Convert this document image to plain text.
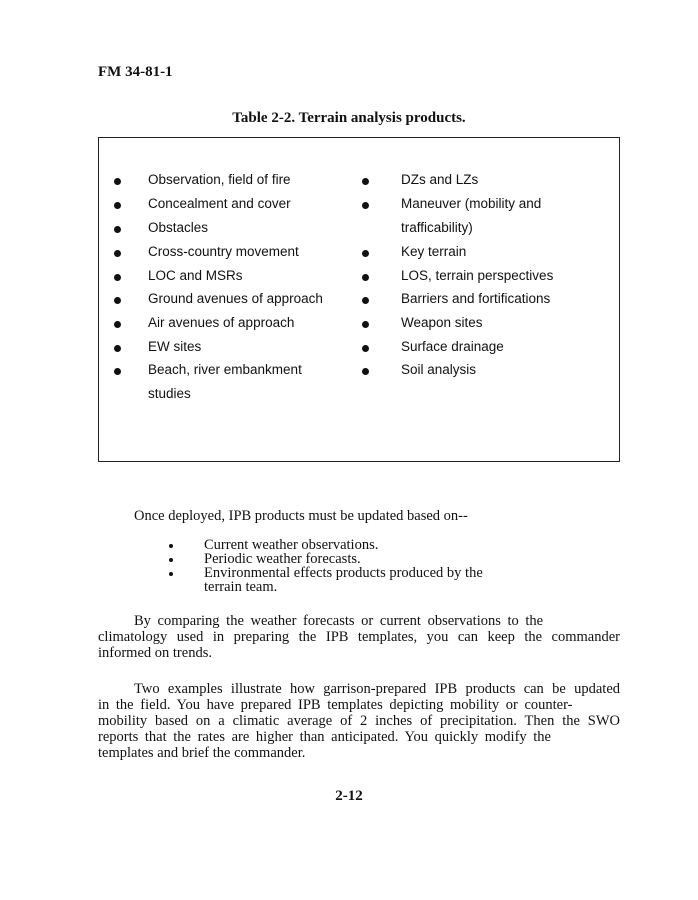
FM 34-81-1
Table 2-2. Terrain analysis products.
Observation, field of fire
Concealment and cover
Obstacles
Cross-country movement
LOC and MSRs
Ground avenues of approach
Air avenues of approach
EW sites
Beach, river embankment
studies
DZs and LZs
Maneuver (mobility and
trafficability)
Key terrain
LOS, terrain perspectives
Barriers and fortifications
Weapon sites
Surface drainage
Soil analysis
Once deployed, IPB products must be updated based on--
Current weather observations.
Periodic weather forecasts.
Environmental effects products produced by the
terrain team.
By comparing the weather forecasts or current observations to the
climatology used in preparing the IPB templates, you can keep the commander
informed on trends.
Two examples illustrate how garrison-prepared IPB products can be updated
in the field. You have prepared IPB templates depicting mobility or counter-
mobility based on a climatic average of 2 inches of precipitation. Then the SWO
reports that the rates are higher than anticipated. You quickly modify the
templates and brief the commander.
2-12
